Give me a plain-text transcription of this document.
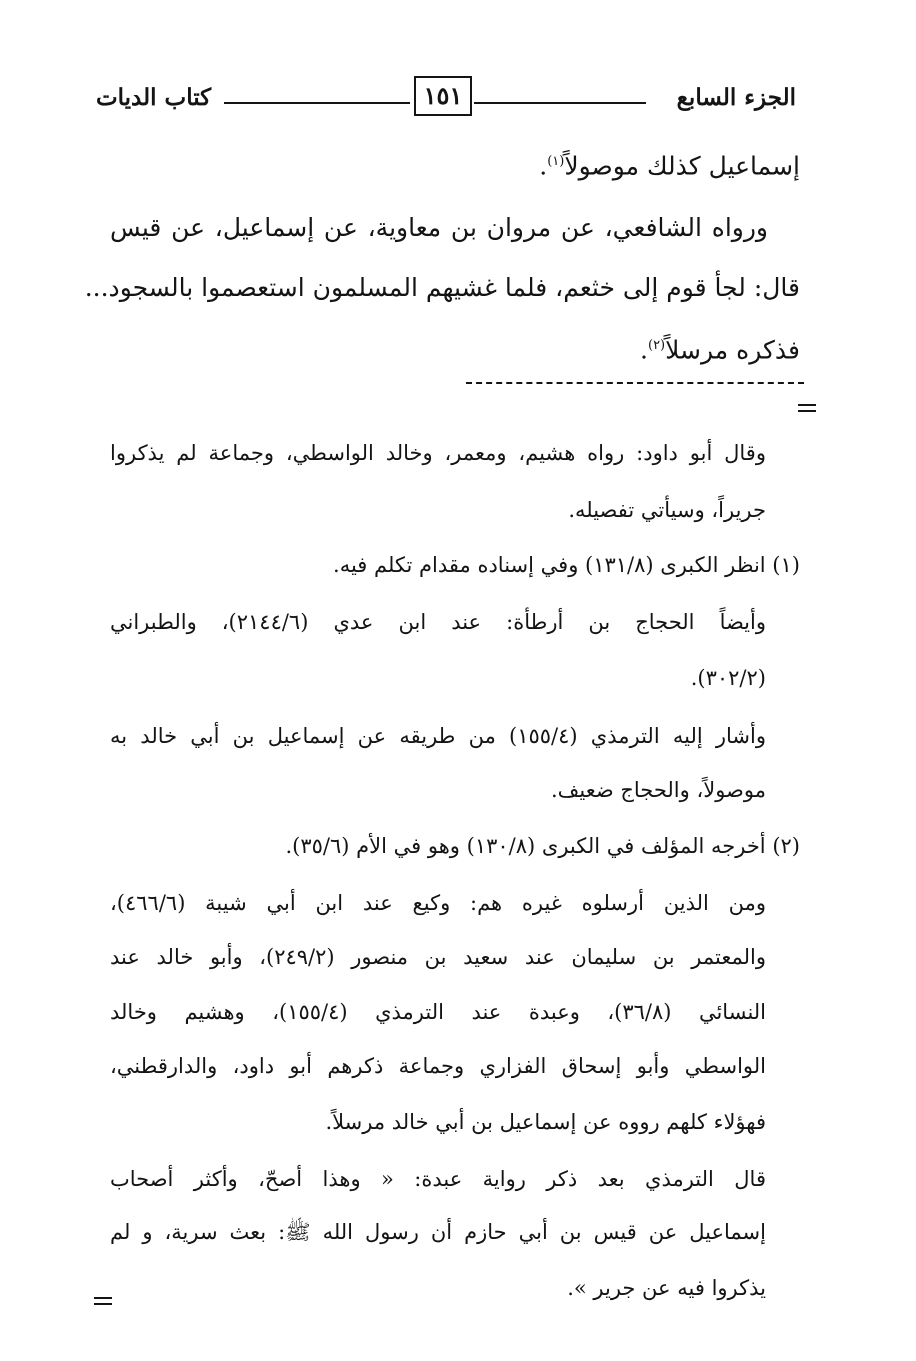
الجزء السابع
١٥١
كتاب الديات
إسماعيل كذلك موصولاً$^{(١)}$.
ورواه الشافعي، عن مروان بن معاوية، عن إسماعيل، عن قيس
قال: لجأ قوم إلى خثعم، فلما غشيهم المسلمون استعصموا بالسجود...
فذكره مرسلاً$^{(٢)}$.
وقال أبو داود: رواه هشيم، ومعمر، وخالد الواسطي، وجماعة لم يذكروا
جريراً، وسيأتي تفصيله.
(١) انظر الكبرى (١٣١/٨) وفي إسناده مقدام تكلم فيه.
وأيضاً الحجاج بن أرطأة: عند ابن عدي (٢١٤٤/٦)، والطبراني
(٣٠٢/٢).
وأشار إليه الترمذي (١٥٥/٤) من طريقه عن إسماعيل بن أبي خالد به
موصولاً، والحجاج ضعيف.
(٢) أخرجه المؤلف في الكبرى (١٣٠/٨) وهو في الأم (٣٥/٦).
ومن الذين أرسلوه غيره هم: وكيع عند ابن أبي شيبة (٤٦٦/٦)،
والمعتمر بن سليمان عند سعيد بن منصور (٢٤٩/٢)، وأبو خالد عند
النسائي (٣٦/٨)، وعبدة عند الترمذي (١٥٥/٤)، وهشيم وخالد
الواسطي وأبو إسحاق الفزاري وجماعة ذكرهم أبو داود، والدارقطني،
فهؤلاء كلهم رووه عن إسماعيل بن أبي خالد مرسلاً.
قال الترمذي بعد ذكر رواية عبدة: « وهذا أصحّ، وأكثر أصحاب
إسماعيل عن قيس بن أبي حازم أن رسول الله ﷺ: بعث سرية، و لم
يذكروا فيه عن جرير ».
